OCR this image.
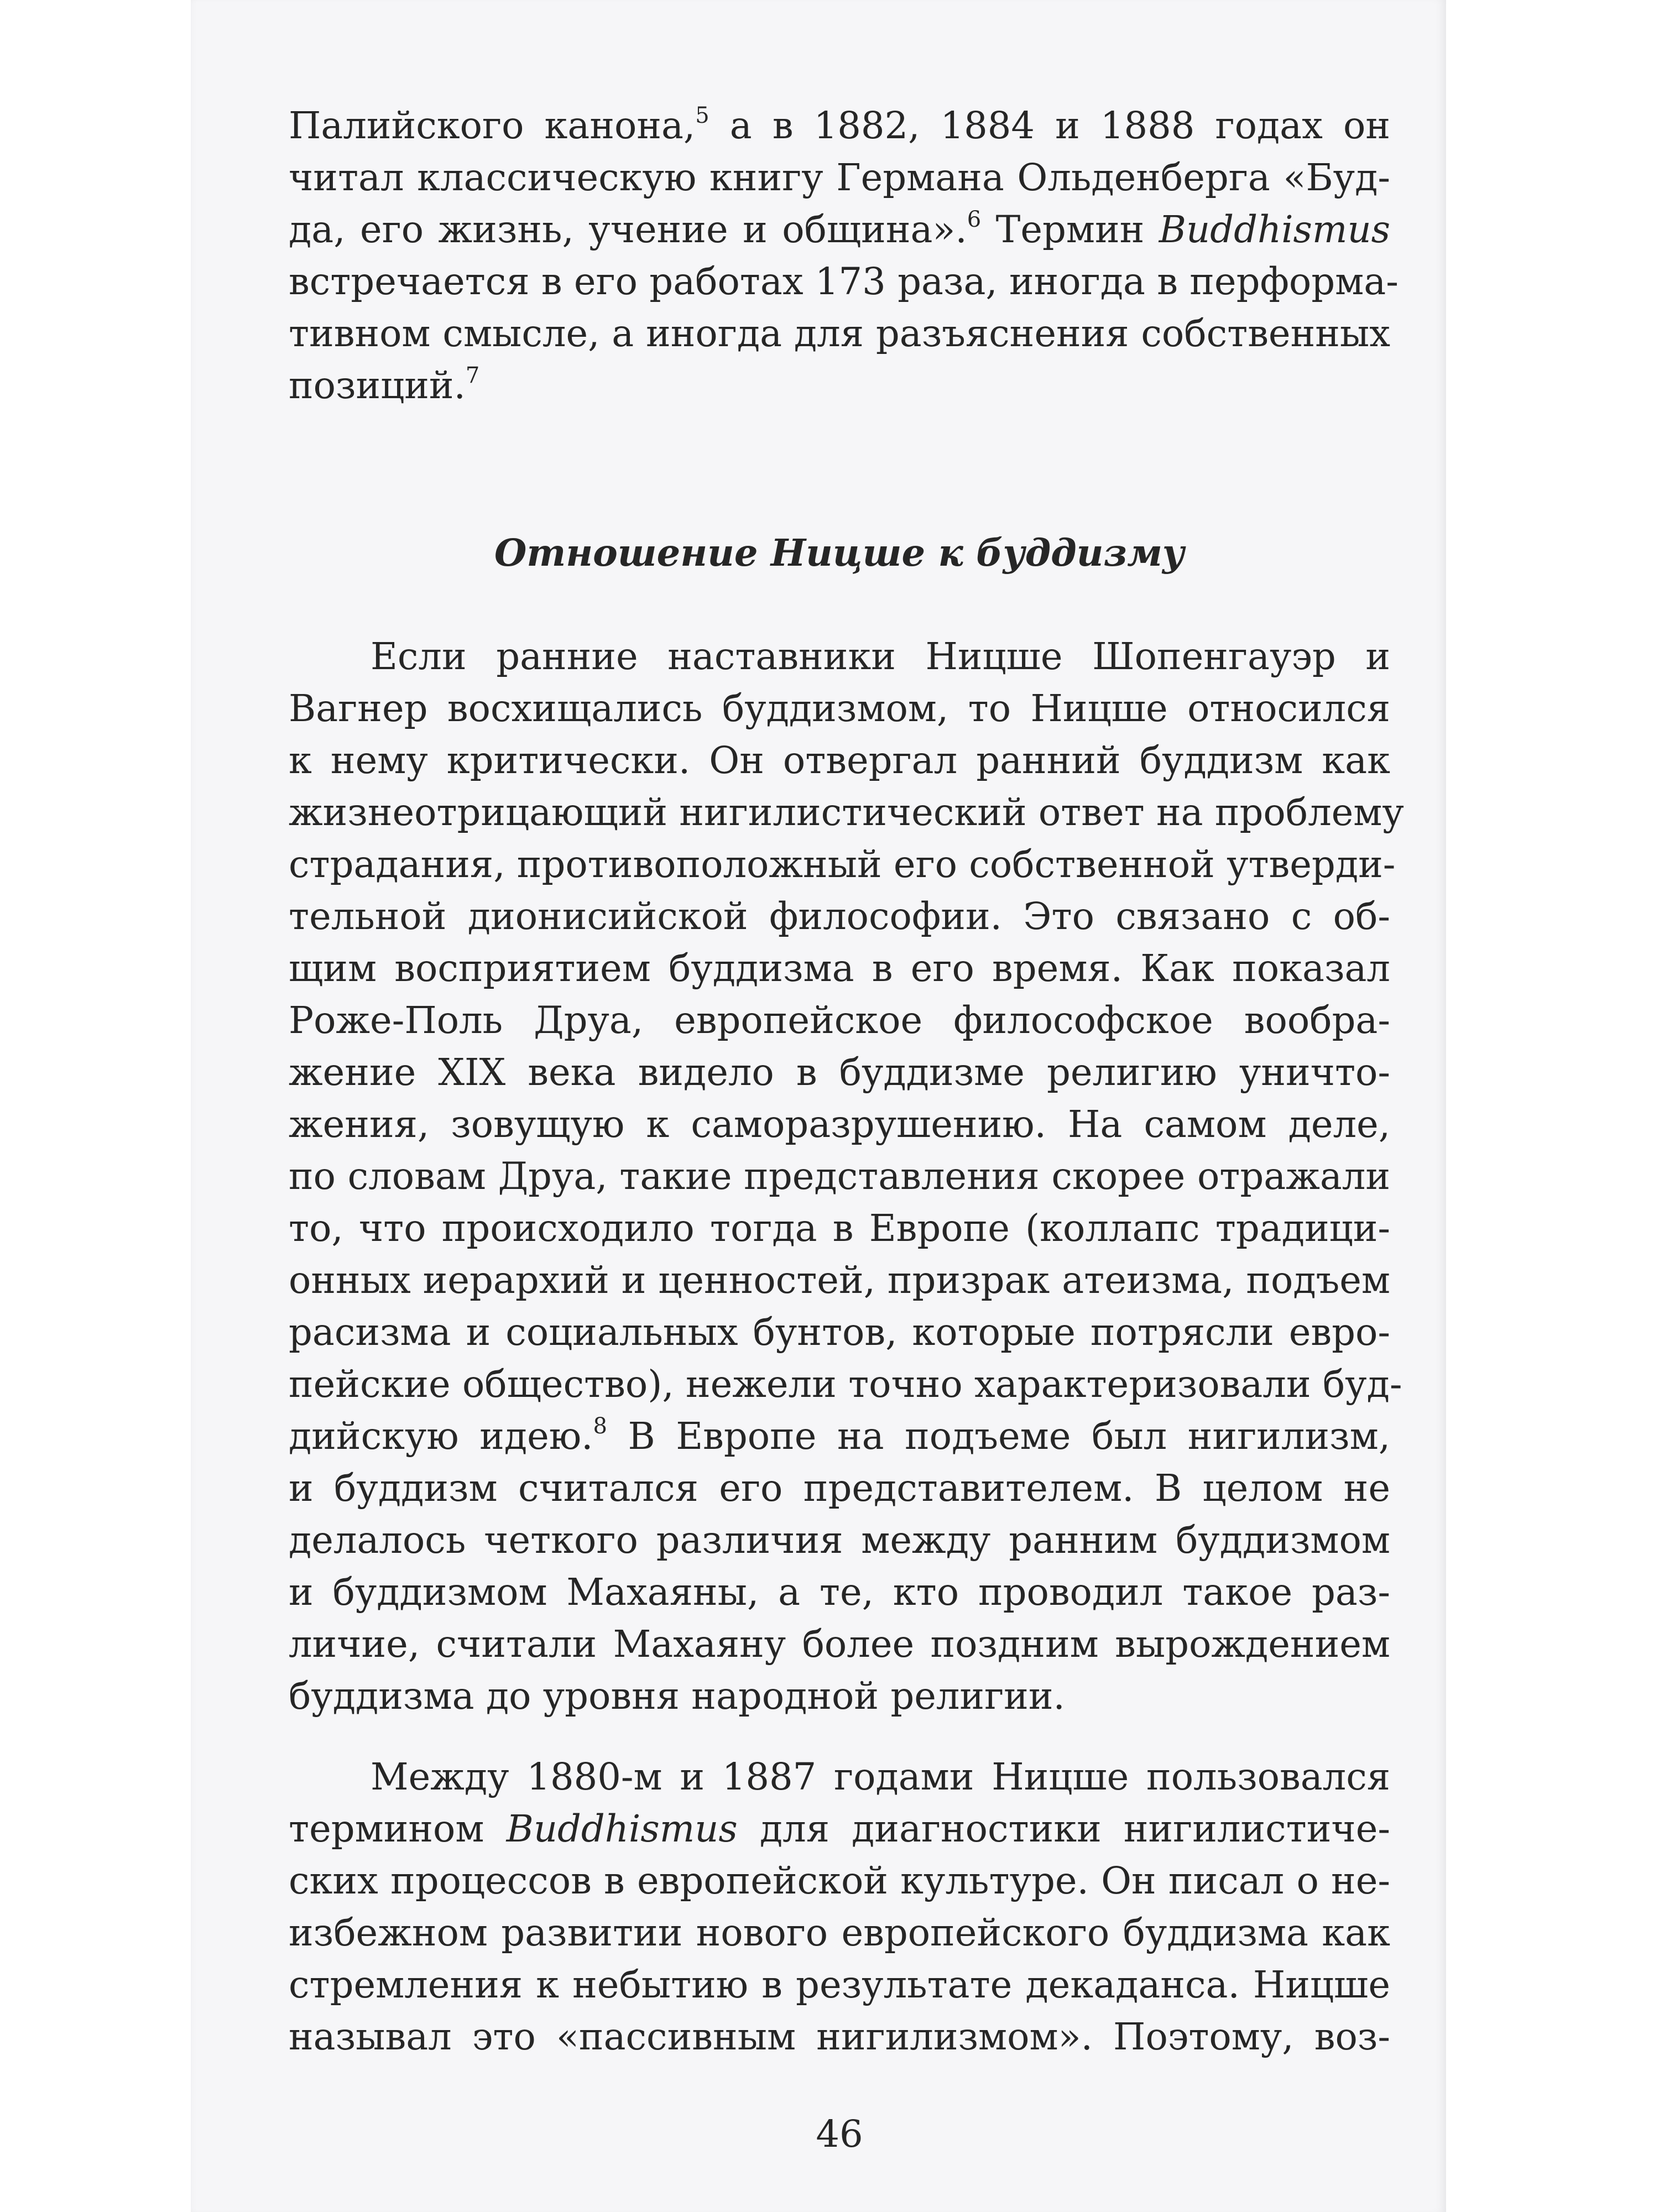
Палийского канона,$^5$ а в 1882, 1884 и 1888 годах он
читал классическую книгу Германа Ольденберга «Буд-
да, его жизнь, учение и община».$^6$ Термин Buddhismus
встречается в его работах 173 раза, иногда в перформа-
тивном смысле, а иногда для разъяснения собственных
позиций.$^7$

Отношение Ницше к буддизму

Если ранние наставники Ницше Шопенгауэр и
Вагнер восхищались буддизмом, то Ницше относился
к нему критически. Он отвергал ранний буддизм как
жизнеотрицающий нигилистический ответ на проблему
страдания, противоположный его собственной утверди-
тельной дионисийской философии. Это связано с об-
щим восприятием буддизма в его время. Как показал
Роже-Поль Друа, европейское философское вообра-
жение XIX века видело в буддизме религию уничто-
жения, зовущую к саморазрушению. На самом деле,
по словам Друа, такие представления скорее отражали
то, что происходило тогда в Европе (коллапс традици-
онных иерархий и ценностей, призрак атеизма, подъем
расизма и социальных бунтов, которые потрясли евро-
пейские общество), нежели точно характеризовали буд-
дийскую идею.$^8$ В Европе на подъеме был нигилизм,
и буддизм считался его представителем. В целом не
делалось четкого различия между ранним буддизмом
и буддизмом Махаяны, а те, кто проводил такое раз-
личие, считали Махаяну более поздним вырождением
буддизма до уровня народной религии.

Между 1880-м и 1887 годами Ницше пользовался
термином Buddhismus для диагностики нигилистиче-
ских процессов в европейской культуре. Он писал о не-
избежном развитии нового европейского буддизма как
стремления к небытию в результате декаданса. Ницше
называл это «пассивным нигилизмом». Поэтому, воз-

46
